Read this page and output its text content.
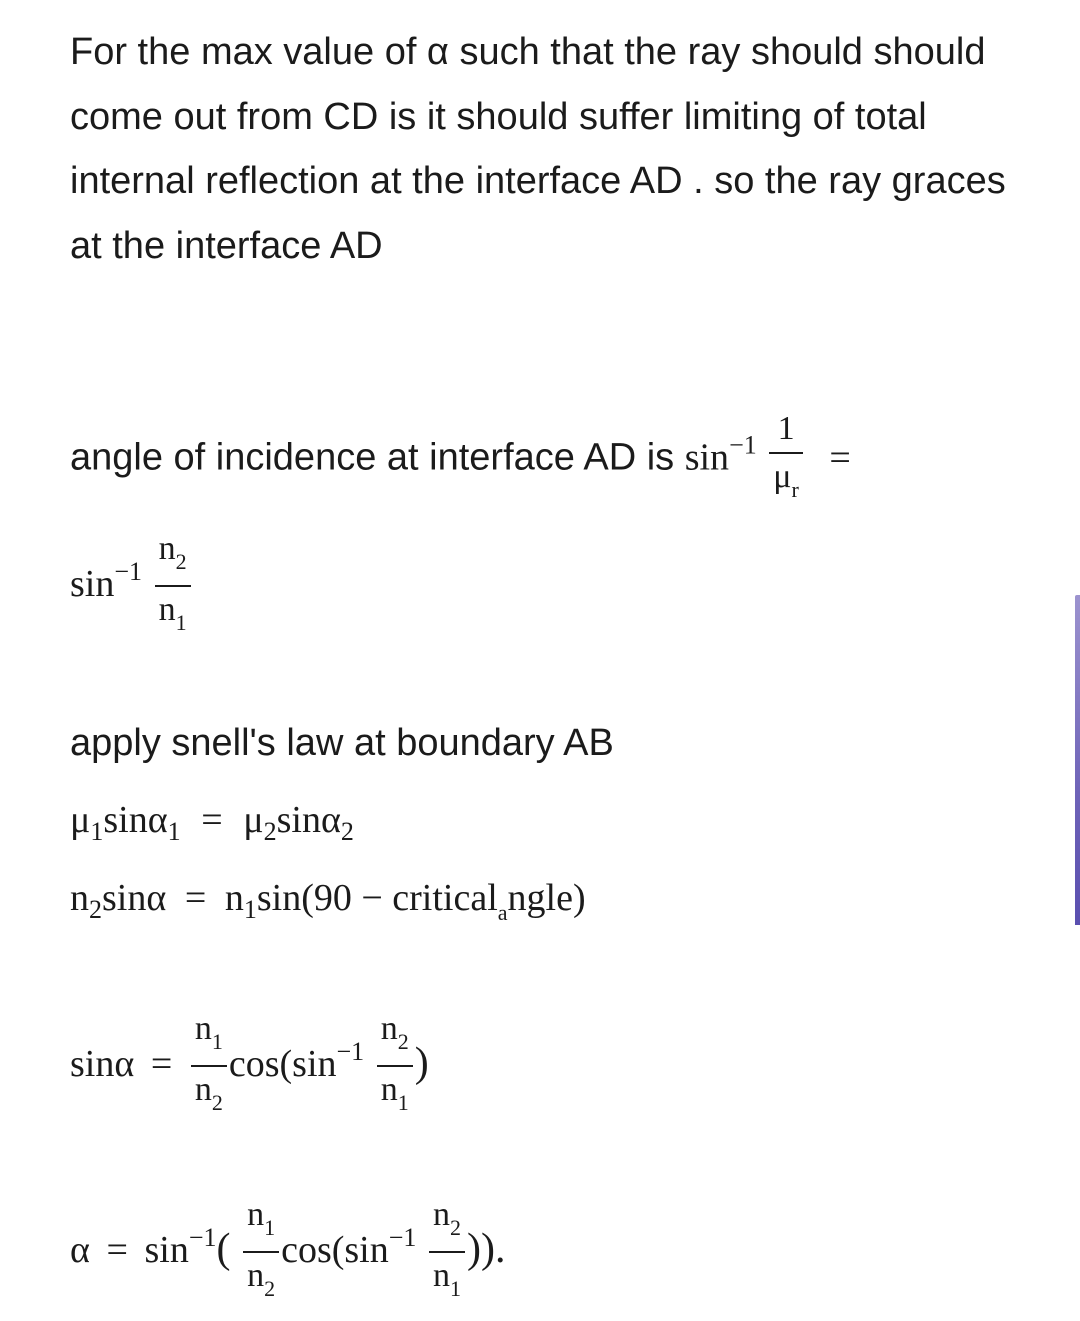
For the max value of α such that the ray should should come out from CD is it should suffer limiting of total internal reflection at the interface AD . so the ray graces at the interface AD
angle of incidence at interface AD is $\sin^{-1} \frac{1}{\mu_r}$ =
$\sin^{-1} \frac{n_2}{n_1}$
apply snell's law at boundary AB
$\mu_1\sin\alpha_1 = \mu_2\sin\alpha_2$
$n_2\sin\alpha = n_1\sin(90$ − critical$_a$ngle)
$\sin\alpha = \frac{n_1}{n_2} \cos(\sin^{-1} \frac{n_2}{n_1}$ )
$\alpha = \sin^{-1}( \frac{n_1}{n_2} \cos(\sin^{-1} \frac{n_2}{n_1}$ )).
